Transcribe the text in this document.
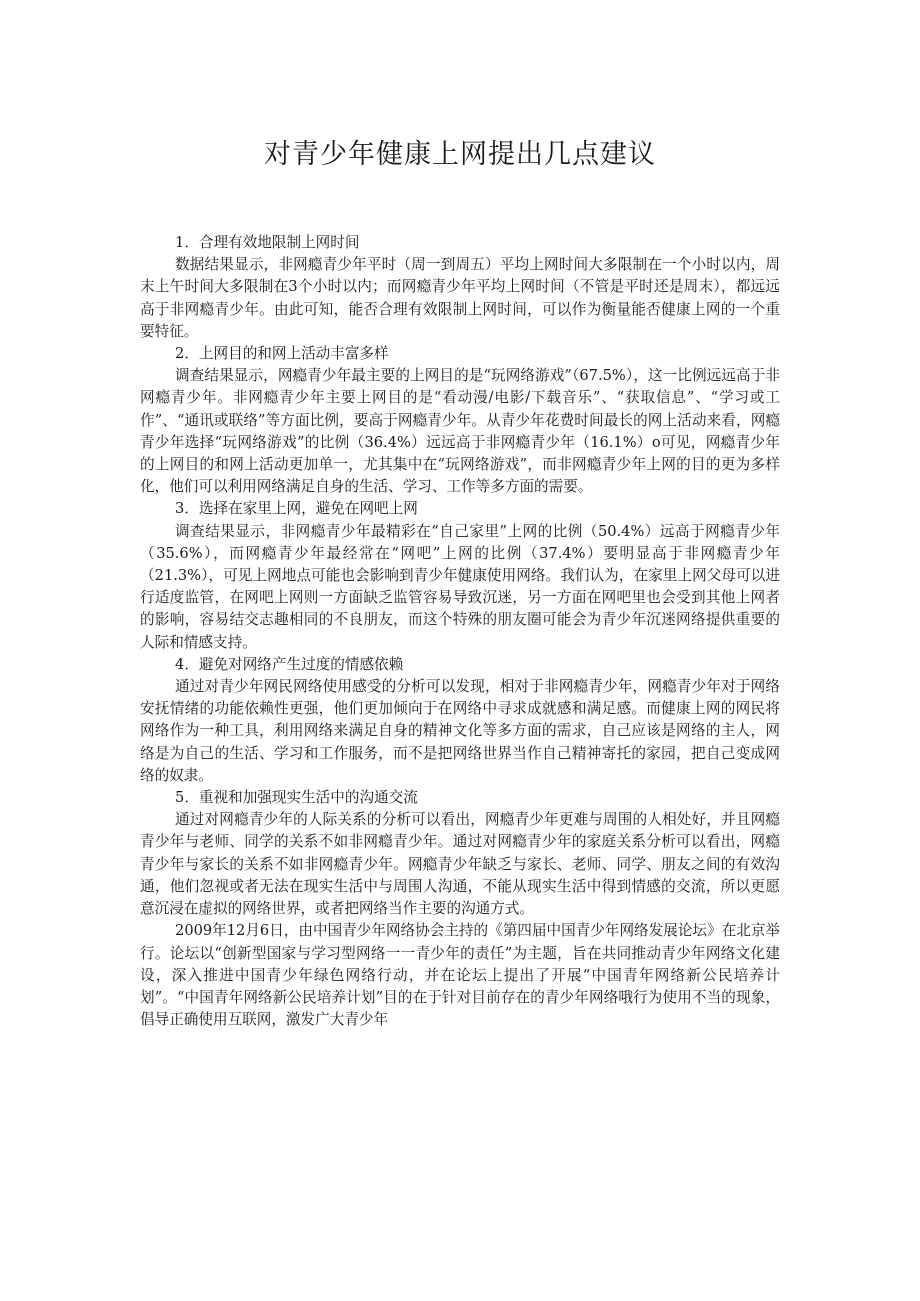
对青少年健康上网提出几点建议

1．合理有效地限制上网时间

数据结果显示，非网瘾青少年平时（周一到周五）平均上网时间大多限制在一个小时以内，周末上午时间大多限制在3个小时以内；而网瘾青少年平均上网时间（不管是平时还是周末），都远远高于非网瘾青少年。由此可知，能否合理有效限制上网时间，可以作为衡量能否健康上网的一个重要特征。

2．上网目的和网上活动丰富多样

调查结果显示，网瘾青少年最主要的上网目的是“玩网络游戏”（67.5%），这一比例远远高于非网瘾青少年。非网瘾青少年主要上网目的是“看动漫/电影/下载音乐”、“获取信息”、“学习或工作”、“通讯或联络”等方面比例，要高于网瘾青少年。从青少年花费时间最长的网上活动来看，网瘾青少年选择“玩网络游戏”的比例（36.4%）远远高于非网瘾青少年（16.1%）o可见，网瘾青少年的上网目的和网上活动更加单一，尤其集中在“玩网络游戏”，而非网瘾青少年上网的目的更为多样化，他们可以利用网络满足自身的生活、学习、工作等多方面的需要。

3．选择在家里上网，避免在网吧上网

调查结果显示，非网瘾青少年最精彩在“自己家里”上网的比例（50.4%）远高于网瘾青少年（35.6%），而网瘾青少年最经常在“网吧”上网的比例（37.4%）要明显高于非网瘾青少年（21.3%），可见上网地点可能也会影响到青少年健康使用网络。我们认为，在家里上网父母可以进行适度监管，在网吧上网则一方面缺乏监管容易导致沉迷，另一方面在网吧里也会受到其他上网者的影响，容易结交志趣相同的不良朋友，而这个特殊的朋友圈可能会为青少年沉迷网络提供重要的人际和情感支持。

4．避免对网络产生过度的情感依赖

通过对青少年网民网络使用感受的分析可以发现，相对于非网瘾青少年，网瘾青少年对于网络安抚情绪的功能依赖性更强，他们更加倾向于在网络中寻求成就感和满足感。而健康上网的网民将网络作为一种工具，利用网络来满足自身的精神文化等多方面的需求，自己应该是网络的主人，网络是为自己的生活、学习和工作服务，而不是把网络世界当作自己精神寄托的家园，把自己变成网络的奴隶。

5．重视和加强现实生活中的沟通交流

通过对网瘾青少年的人际关系的分析可以看出，网瘾青少年更难与周围的人相处好，并且网瘾青少年与老师、同学的关系不如非网瘾青少年。通过对网瘾青少年的家庭关系分析可以看出，网瘾青少年与家长的关系不如非网瘾青少年。网瘾青少年缺乏与家长、老师、同学、朋友之间的有效沟通，他们忽视或者无法在现实生活中与周围人沟通，不能从现实生活中得到情感的交流，所以更愿意沉浸在虚拟的网络世界，或者把网络当作主要的沟通方式。

2009年12月6日，由中国青少年网络协会主持的《第四届中国青少年网络发展论坛》在北京举行。论坛以“创新型国家与学习型网络一一青少年的责任”为主题，旨在共同推动青少年网络文化建设，深入推进中国青少年绿色网络行动，并在论坛上提出了开展“中国青年网络新公民培养计划”。“中国青年网络新公民培养计划”目的在于针对目前存在的青少年网络哦行为使用不当的现象，倡导正确使用互联网，激发广大青少年
